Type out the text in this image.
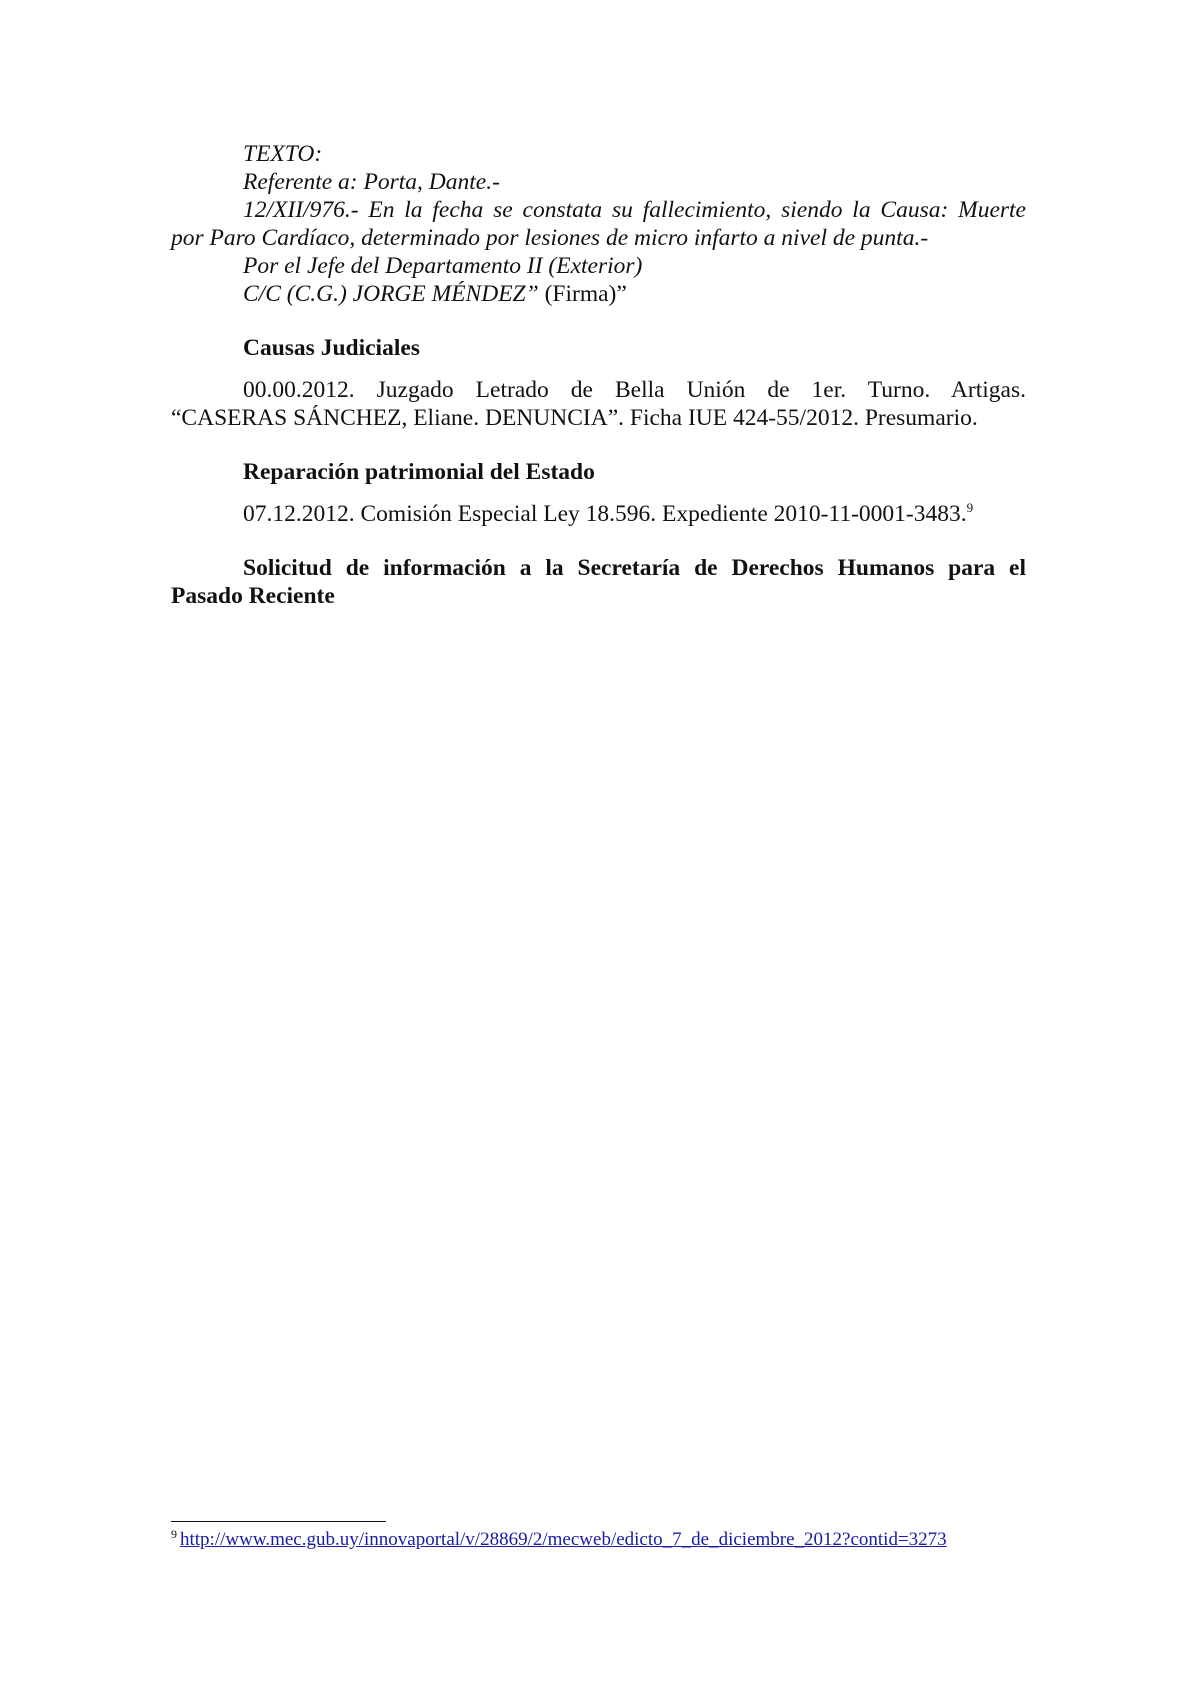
TEXTO:
Referente a: Porta, Dante.-
12/XII/976.- En la fecha se constata su fallecimiento, siendo la Causa: Muerte
por Paro Cardíaco, determinado por lesiones de micro infarto a nivel de punta.-
Por el Jefe del Departamento II (Exterior)
C/C (C.G.) JORGE MÉNDEZ” (Firma)”
Causas Judiciales
00.00.2012. Juzgado Letrado de Bella Unión de 1er. Turno. Artigas.
“CASERAS SÁNCHEZ, Eliane. DENUNCIA”. Ficha IUE 424-55/2012. Presumario.
Reparación patrimonial del Estado
07.12.2012. Comisión Especial Ley 18.596. Expediente 2010-11-0001-3483.$^9$
Solicitud de información a la Secretaría de Derechos Humanos para el
Pasado Reciente
$^9$ http://www.mec.gub.uy/innovaportal/v/28869/2/mecweb/edicto_7_de_diciembre_2012?contid=3273
